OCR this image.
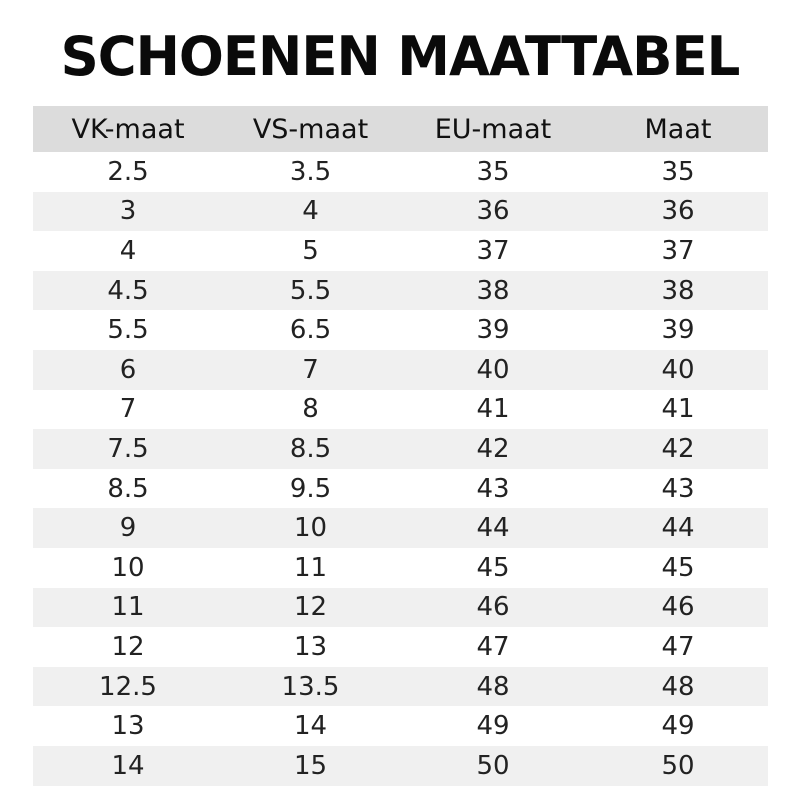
SCHOENEN MAATTABEL
VK-maat	VS-maat	EU-maat	Maat
2.5	3.5	35	35
3	4	36	36
4	5	37	37
4.5	5.5	38	38
5.5	6.5	39	39
6	7	40	40
7	8	41	41
7.5	8.5	42	42
8.5	9.5	43	43
9	10	44	44
10	11	45	45
11	12	46	46
12	13	47	47
12.5	13.5	48	48
13	14	49	49
14	15	50	50
